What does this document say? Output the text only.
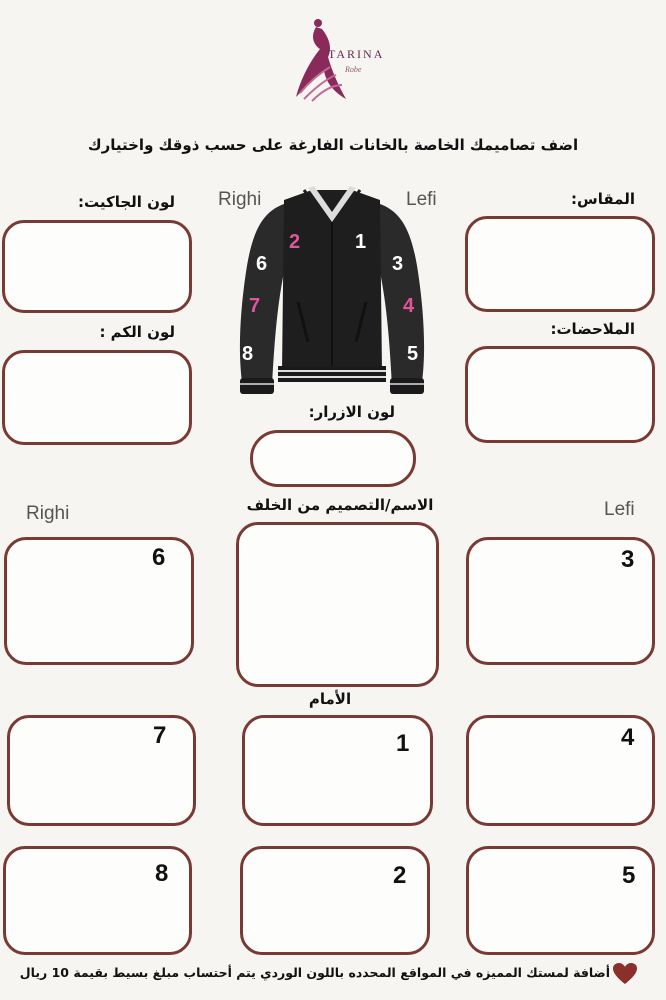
TARINA
Robe
اضف تصاميمك الخاصة بالخانات الفارغة على حسب ذوقك واختيارك
لون الجاكيت:	المقاس:
لون الكم :	الملاحضات:
لون الازرار:
Righi	Lefi
1
2
3
4
5
6
7
8
Righi	Lefi
الاسم/التصميم من الخلف
6	3
الأمام
7	1	4
8	2	5
أضافة لمستك المميزه في المواقع المحدده باللون الوردي يتم أحتساب مبلغ بسيط بقيمة 10 ريال
